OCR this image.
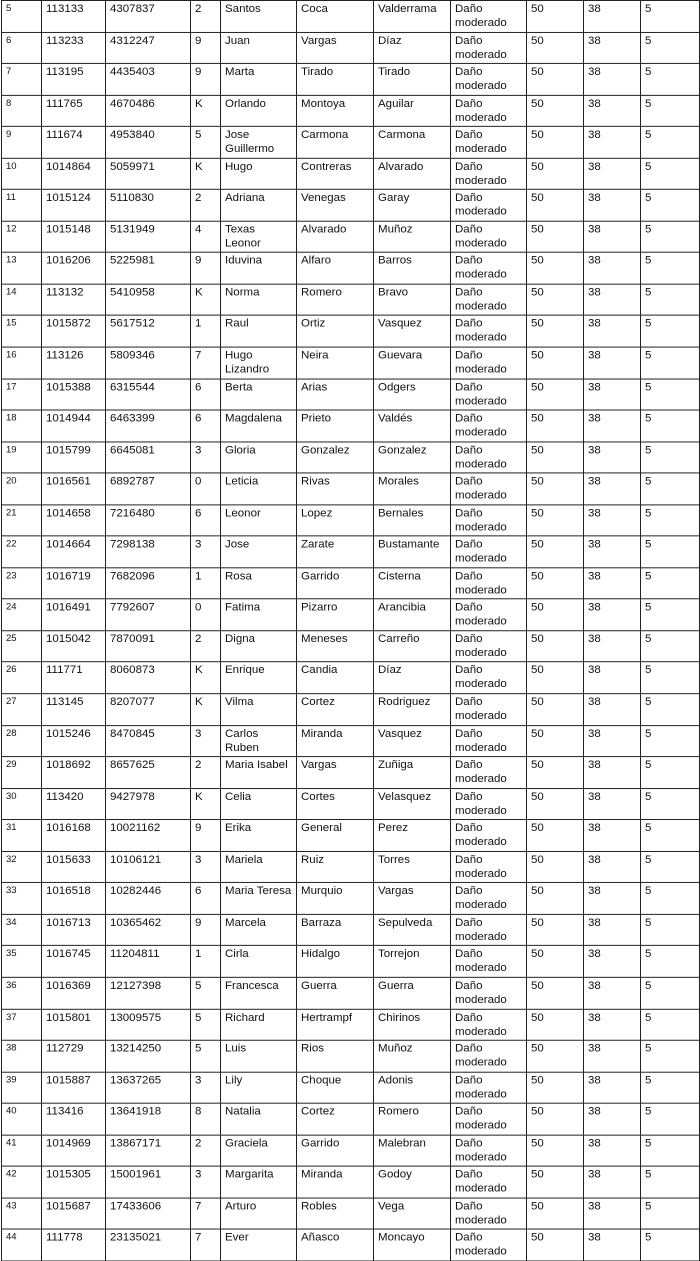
5	113133	4307837	2	Santos	Coca	Valderrama	Daño moderado	50	38	5
6	113233	4312247	9	Juan	Vargas	Díaz	Daño moderado	50	38	5
7	113195	4435403	9	Marta	Tirado	Tirado	Daño moderado	50	38	5
8	111765	4670486	K	Orlando	Montoya	Aguilar	Daño moderado	50	38	5
9	111674	4953840	5	Jose Guillermo	Carmona	Carmona	Daño moderado	50	38	5
10	1014864	5059971	K	Hugo	Contreras	Alvarado	Daño moderado	50	38	5
11	1015124	5110830	2	Adriana	Venegas	Garay	Daño moderado	50	38	5
12	1015148	5131949	4	Texas Leonor	Alvarado	Muñoz	Daño moderado	50	38	5
13	1016206	5225981	9	Iduvina	Alfaro	Barros	Daño moderado	50	38	5
14	113132	5410958	K	Norma	Romero	Bravo	Daño moderado	50	38	5
15	1015872	5617512	1	Raul	Ortiz	Vasquez	Daño moderado	50	38	5
16	113126	5809346	7	Hugo Lizandro	Neira	Guevara	Daño moderado	50	38	5
17	1015388	6315544	6	Berta	Arias	Odgers	Daño moderado	50	38	5
18	1014944	6463399	6	Magdalena	Prieto	Valdés	Daño moderado	50	38	5
19	1015799	6645081	3	Gloria	Gonzalez	Gonzalez	Daño moderado	50	38	5
20	1016561	6892787	0	Leticia	Rivas	Morales	Daño moderado	50	38	5
21	1014658	7216480	6	Leonor	Lopez	Bernales	Daño moderado	50	38	5
22	1014664	7298138	3	Jose	Zarate	Bustamante	Daño moderado	50	38	5
23	1016719	7682096	1	Rosa	Garrido	Cisterna	Daño moderado	50	38	5
24	1016491	7792607	0	Fatima	Pizarro	Arancibia	Daño moderado	50	38	5
25	1015042	7870091	2	Digna	Meneses	Carreño	Daño moderado	50	38	5
26	111771	8060873	K	Enrique	Candia	Díaz	Daño moderado	50	38	5
27	113145	8207077	K	Vilma	Cortez	Rodriguez	Daño moderado	50	38	5
28	1015246	8470845	3	Carlos Ruben	Miranda	Vasquez	Daño moderado	50	38	5
29	1018692	8657625	2	Maria Isabel	Vargas	Zuñiga	Daño moderado	50	38	5
30	113420	9427978	K	Celia	Cortes	Velasquez	Daño moderado	50	38	5
31	1016168	10021162	9	Erika	General	Perez	Daño moderado	50	38	5
32	1015633	10106121	3	Mariela	Ruiz	Torres	Daño moderado	50	38	5
33	1016518	10282446	6	Maria Teresa	Murquio	Vargas	Daño moderado	50	38	5
34	1016713	10365462	9	Marcela	Barraza	Sepulveda	Daño moderado	50	38	5
35	1016745	11204811	1	Cirla	Hidalgo	Torrejon	Daño moderado	50	38	5
36	1016369	12127398	5	Francesca	Guerra	Guerra	Daño moderado	50	38	5
37	1015801	13009575	5	Richard	Hertrampf	Chirinos	Daño moderado	50	38	5
38	112729	13214250	5	Luis	Rios	Muñoz	Daño moderado	50	38	5
39	1015887	13637265	3	Lily	Choque	Adonis	Daño moderado	50	38	5
40	113416	13641918	8	Natalia	Cortez	Romero	Daño moderado	50	38	5
41	1014969	13867171	2	Graciela	Garrido	Malebran	Daño moderado	50	38	5
42	1015305	15001961	3	Margarita	Miranda	Godoy	Daño moderado	50	38	5
43	1015687	17433606	7	Arturo	Robles	Vega	Daño moderado	50	38	5
44	111778	23135021	7	Ever	Añasco	Moncayo	Daño moderado	50	38	5
